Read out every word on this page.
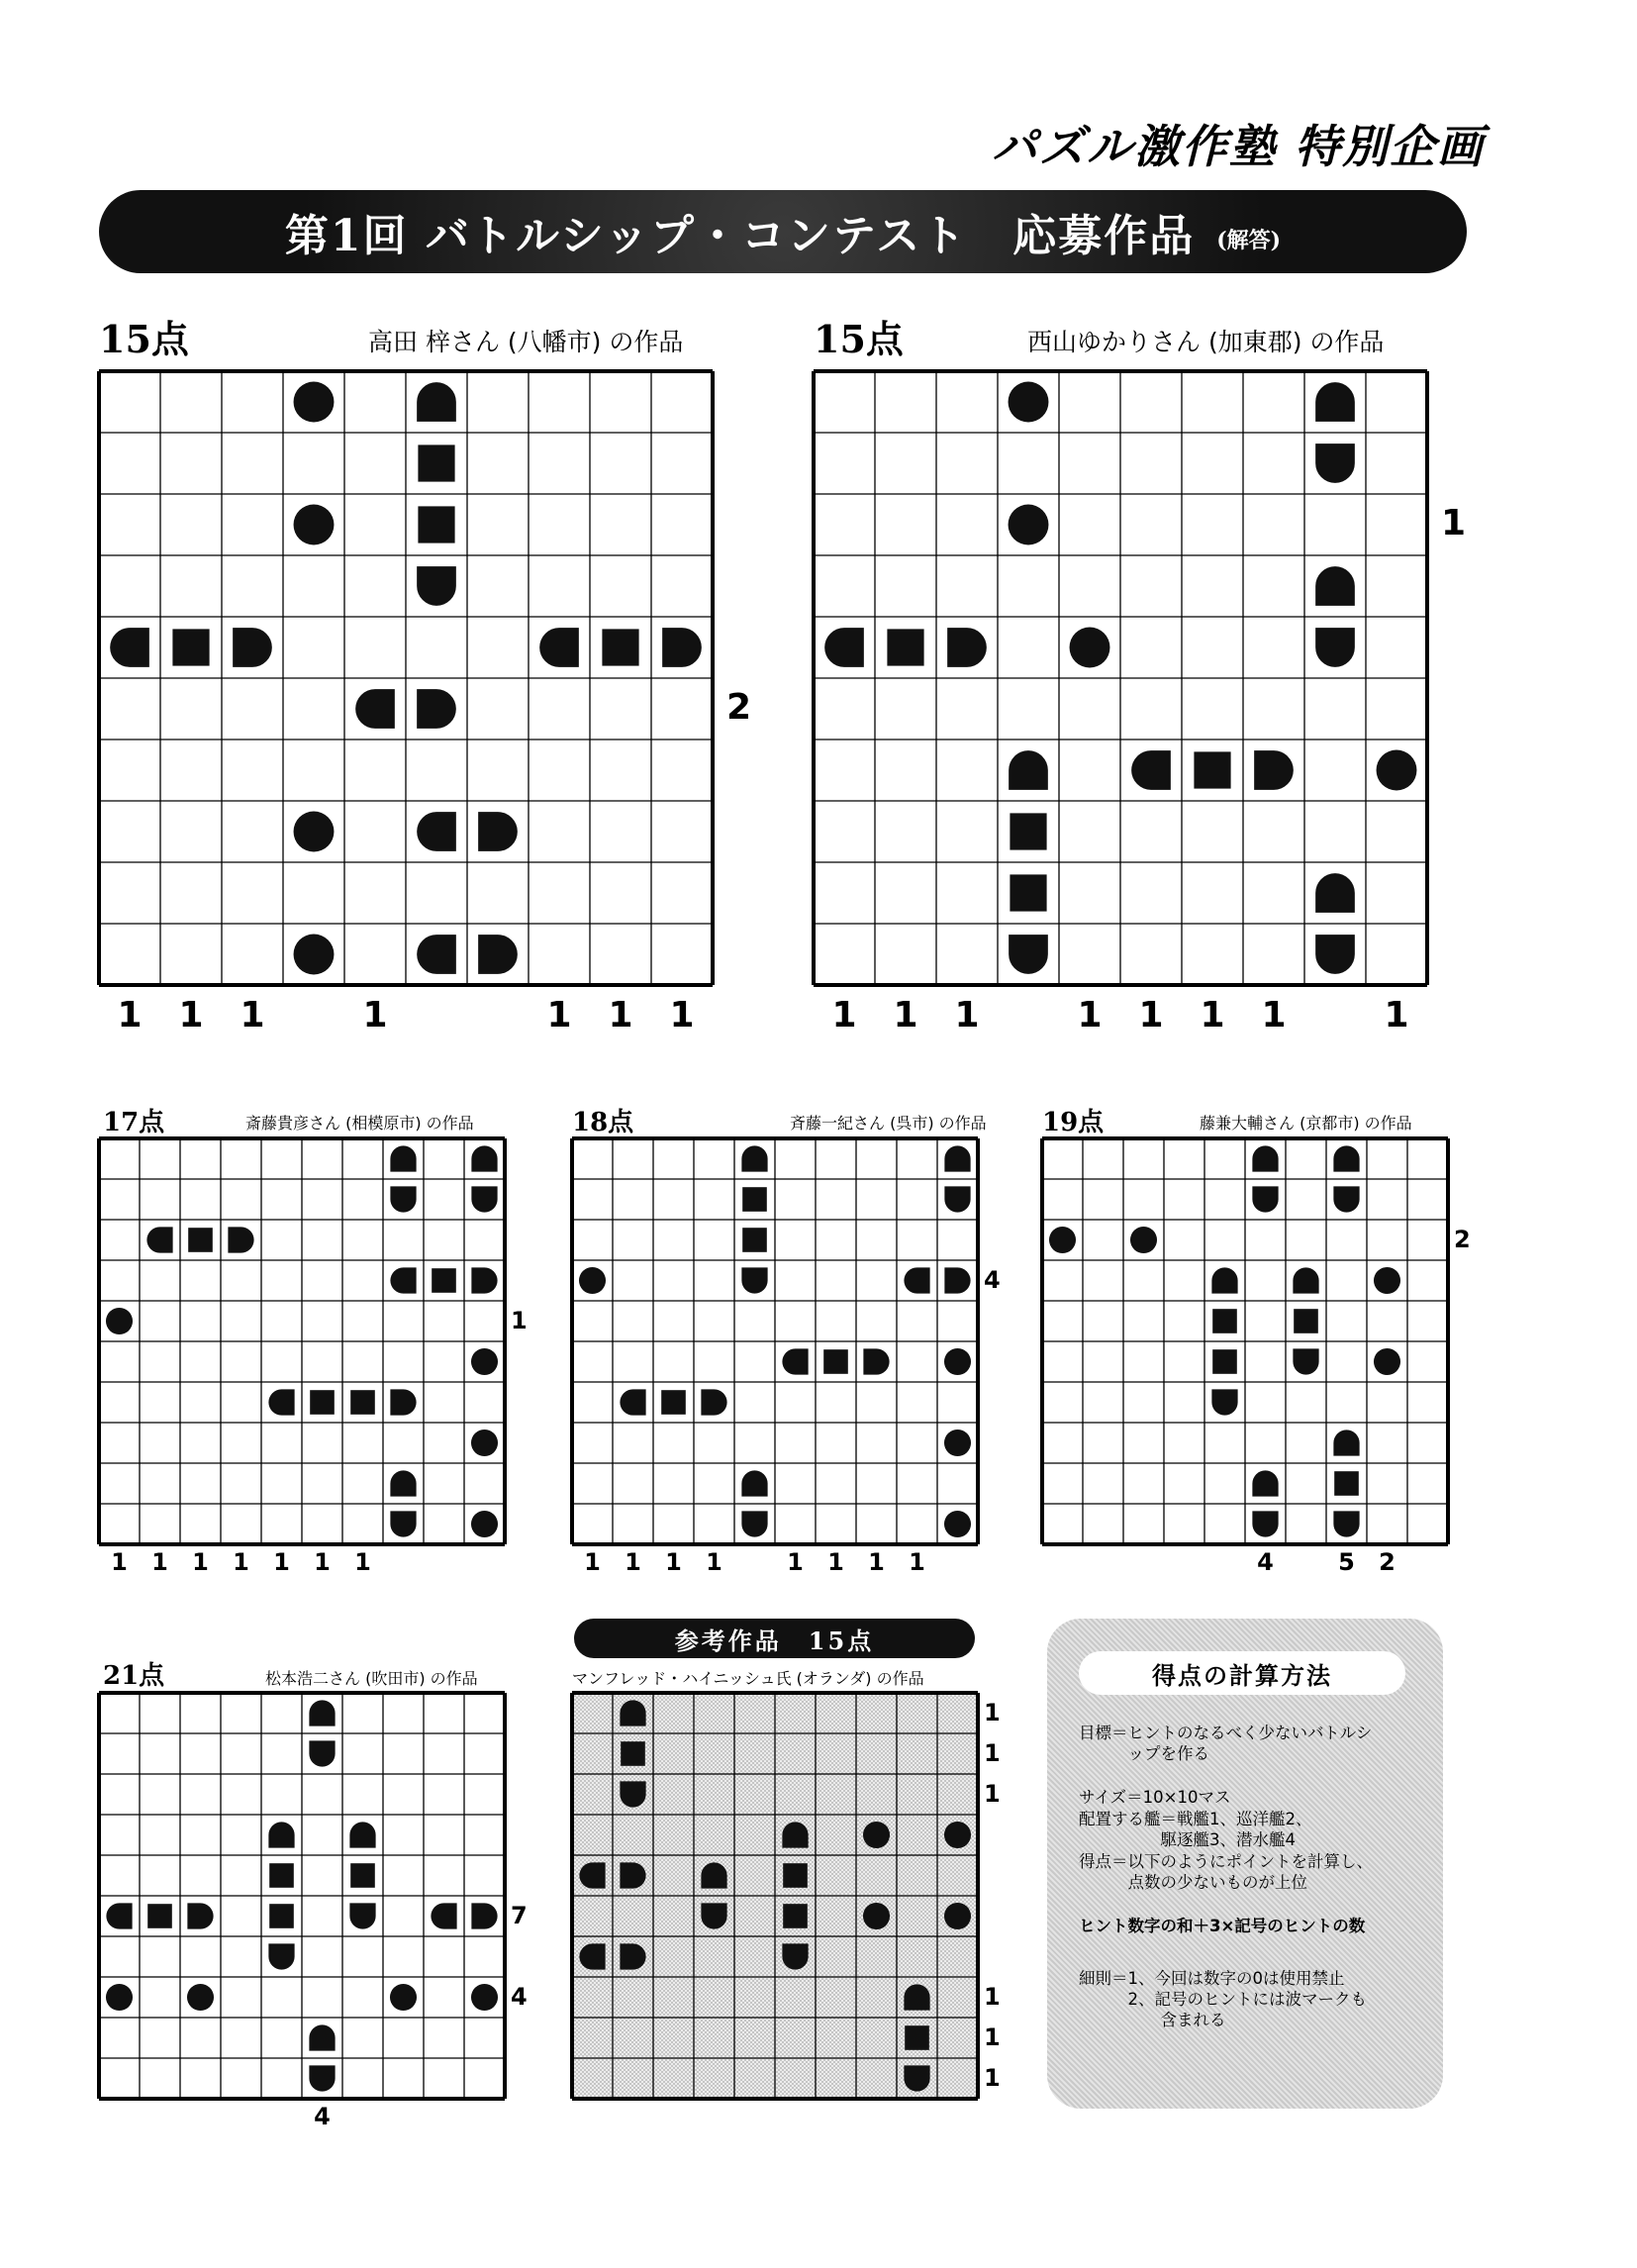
パズル激作塾 特別企画
第1回 バトルシップ・コンテスト　応募作品 (解答)
15点	高田 梓さん (八幡市) の作品	15点	西山ゆかりさん (加東郡) の作品
17点	斎藤貴彦さん (相模原市) の作品	18点	斉藤一紀さん (呉市) の作品 19点	藤兼大輔さん (京都市) の作品
21点	松本浩二さん (吹田市) の作品
参考作品　15点
マンフレッド・ハイニッシュ氏 (オランダ) の作品	得点の計算方法
目標＝ヒントのなるべく少ないバトルシ
　　　ップを作る
サイズ＝10×10マス
配置する艦＝戦艦1、巡洋艦2、
　　　　　駆逐艦3、潜水艦4
得点＝以下のようにポイントを計算し、
　　　点数の少ないものが上位
ヒント数字の和＋3×記号のヒントの数
細則＝1、今回は数字の0は使用禁止
　　　2、記号のヒントには波マークも
　　　　　含まれる
1	1	1	1	1	1	1
2
1	1	1	1	1	1	1	1
1
1	1	1	1	1	1	1
1
1	1	1	1	1	1	1	1
4
4	5	2
2
4
7
4
1
1
1
1
1
1
